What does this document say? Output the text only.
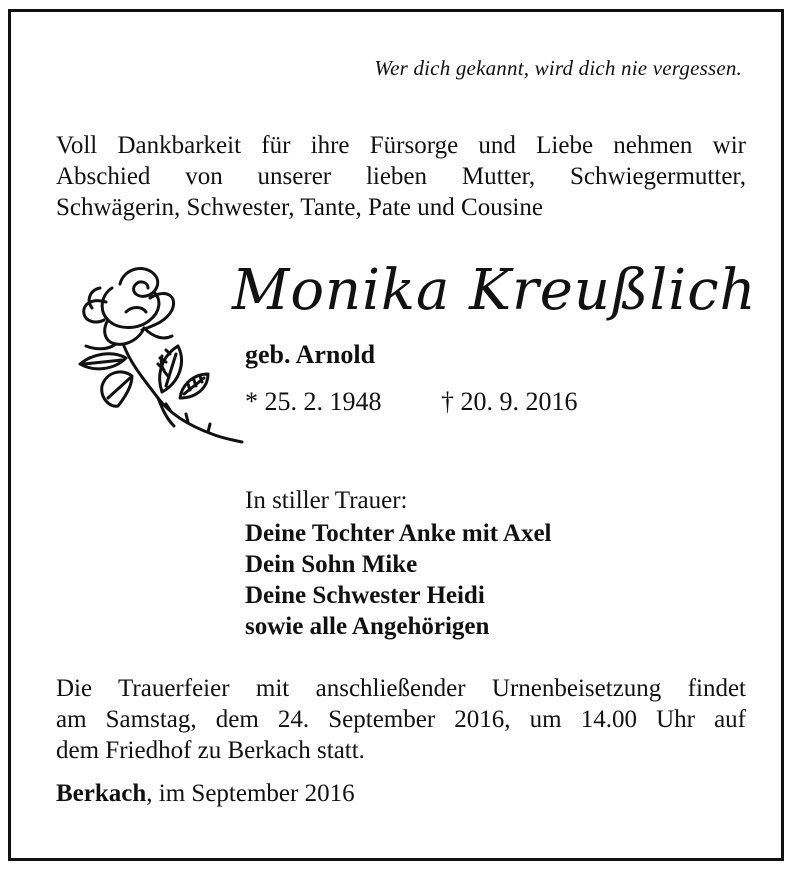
Wer dich gekannt, wird dich nie vergessen.
Voll Dankbarkeit für ihre Fürsorge und Liebe nehmen wir
Abschied von unserer lieben Mutter, Schwiegermutter,
Schwägerin, Schwester, Tante, Pate und Cousine
Monika Kreußlich
geb. Arnold
* 25. 2. 1948 † 20. 9. 2016
In stiller Trauer:
Deine Tochter Anke mit Axel
Dein Sohn Mike
Deine Schwester Heidi
sowie alle Angehörigen
Die Trauerfeier mit anschließender Urnenbeisetzung findet
am Samstag, dem 24. September 2016, um 14.00 Uhr auf
dem Friedhof zu Berkach statt.
Berkach, im September 2016
